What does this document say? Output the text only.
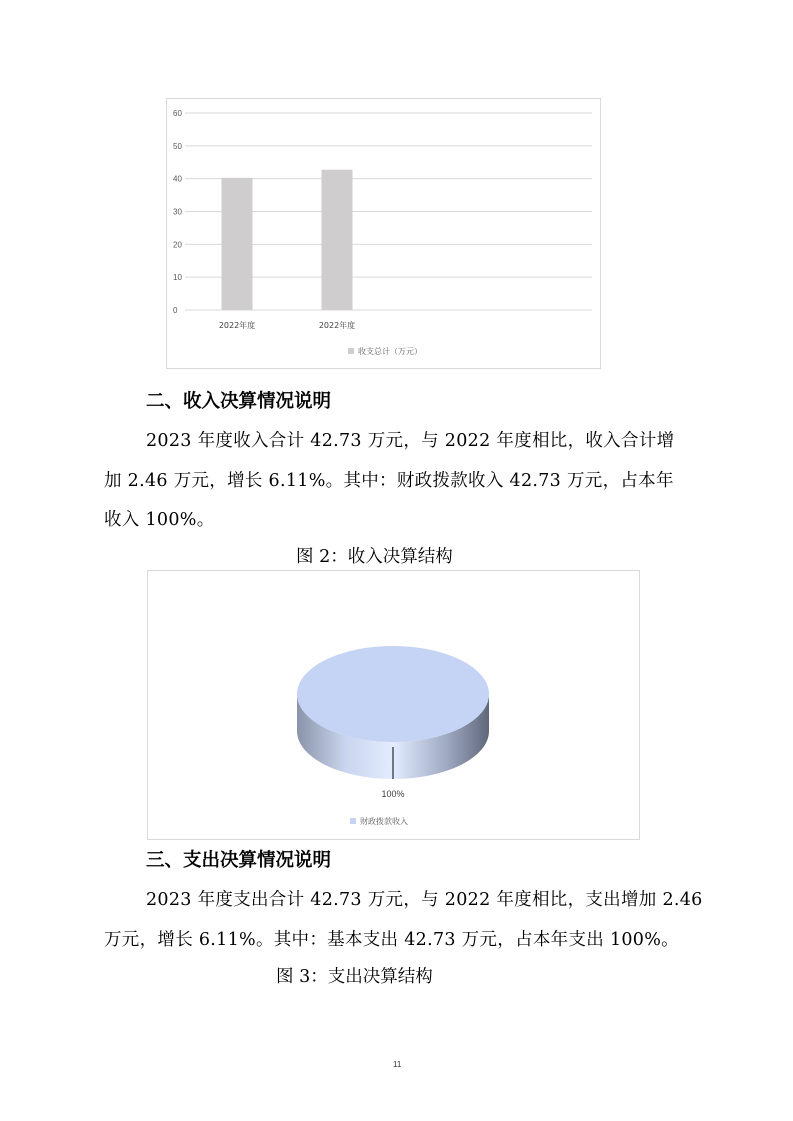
0
10
20
30
40
50
60
2022年度	2022年度
收支总计（万元）
二、收入决算情况说明
2023 年度收入合计 42.73 万元，与 2022 年度相比，收入合计增
加 2.46 万元，增长 6.11%。其中：财政拨款收入 42.73 万元，占本年
收入 100%。
图 2：收入决算结构
100%
财政拨款收入
三、支出决算情况说明
2023 年度支出合计 42.73 万元，与 2022 年度相比，支出增加 2.46
万元，增长 6.11%。其中：基本支出 42.73 万元，占本年支出 100%。
图 3：支出决算结构
11
